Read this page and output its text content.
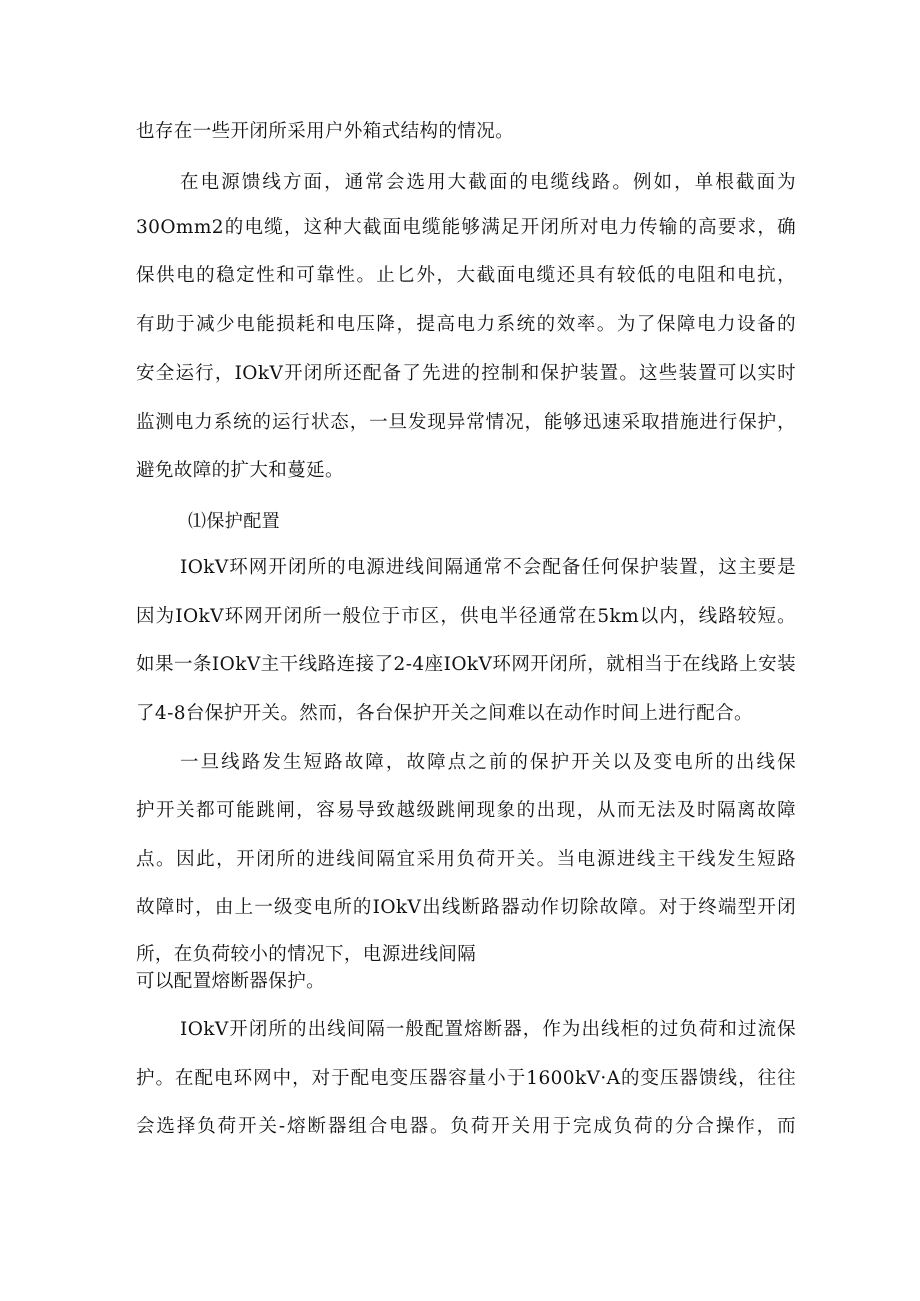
也存在一些开闭所采用户外箱式结构的情况。
在电源馈线方面，通常会选用大截面的电缆线路。例如，单根截面为
30Omm2的电缆，这种大截面电缆能够满足开闭所对电力传输的高要求，确
保供电的稳定性和可靠性。止匕外，大截面电缆还具有较低的电阻和电抗，
有助于减少电能损耗和电压降，提高电力系统的效率。为了保障电力设备的
安全运行，IOkV开闭所还配备了先进的控制和保护装置。这些装置可以实时
监测电力系统的运行状态，一旦发现异常情况，能够迅速采取措施进行保护，
避免故障的扩大和蔓延。
⑴保护配置
IOkV环网开闭所的电源进线间隔通常不会配备任何保护装置，这主要是
因为IOkV环网开闭所一般位于市区，供电半径通常在5km以内，线路较短。
如果一条IOkV主干线路连接了2-4座IOkV环网开闭所，就相当于在线路上安装
了4-8台保护开关。然而，各台保护开关之间难以在动作时间上进行配合。
一旦线路发生短路故障，故障点之前的保护开关以及变电所的出线保
护开关都可能跳闸，容易导致越级跳闸现象的出现，从而无法及时隔离故障
点。因此，开闭所的进线间隔宜采用负荷开关。当电源进线主干线发生短路
故障时，由上一级变电所的IOkV出线断路器动作切除故障。对于终端型开闭
所，在负荷较小的情况下，电源进线间隔
可以配置熔断器保护。
IOkV开闭所的出线间隔一般配置熔断器，作为出线柜的过负荷和过流保
护。在配电环网中，对于配电变压器容量小于1600kV·A的变压器馈线，往往
会选择负荷开关-熔断器组合电器。负荷开关用于完成负荷的分合操作，而
